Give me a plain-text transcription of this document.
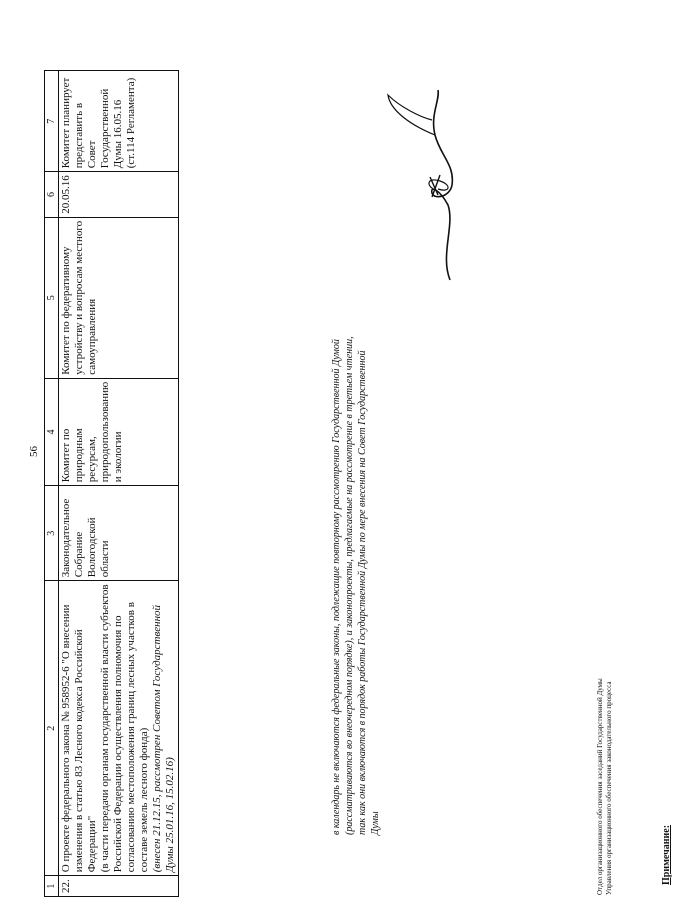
56
1	2	3	4	5	6	7
22.	О проекте федерального закона № 958952-6 "О внесении изменения в статью 83 Лесного кодекса Российской Федерации" (в части передачи органам государственной власти субъектов Российской Федерации осуществления полномочия по согласованию местоположения границ лесных участков в составе земель лесного фонда) (внесен 21.12.15, рассмотрен Советом Государственной Думы 25.01.16, 15.02.16)	Законодательное Собрание Вологодской области	Комитет по природным ресурсам, природопользованию и экологии	Комитет по федеративному устройству и вопросам местного самоуправления	20.05.16	Комитет планирует представить в Совет Государственной Думы 16.05.16 (ст.114 Регламента)
Примечание:
в календарь не включаются федеральные законы, подлежащие повторному рассмотрению Государственной Думой (рассматриваются во внеочередном порядке), и законопроекты, предлагаемые на рассмотрение в третьем чтении, так как они включаются в порядок работы Государственной Думы по мере внесения на Совет Государственной Думы	Отдел организационного обеспечения заседаний Государственной Думы Управления организационного обеспечения законодательного процесса
